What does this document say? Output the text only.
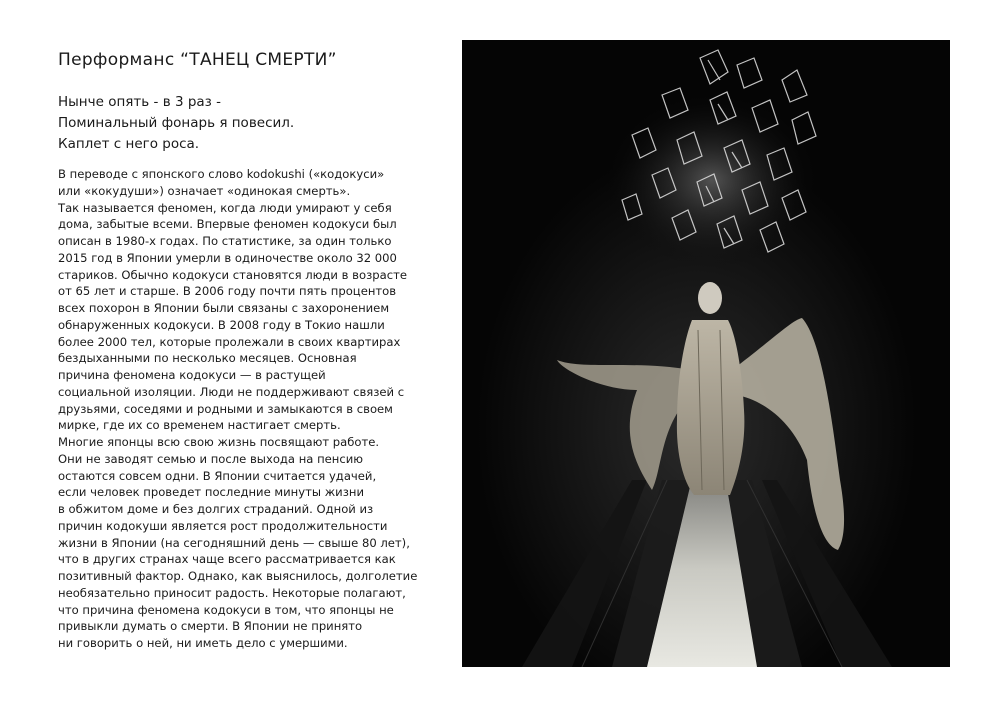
Перформанс “ТАНЕЦ СМЕРТИ”
Нынче опять - в 3 раз -
Поминальный фонарь я повесил.
Каплет с него роса.
В переводе с японского слово kodokushi («кодокуси»
или «кокудуши») означает «одинокая смерть».
Так называется феномен, когда люди умирают у себя
дома, забытые всеми. Впервые феномен кодокуси был
описан в 1980-х годах. По статистике, за один только
2015 год в Японии умерли в одиночестве около 32 000
стариков. Обычно кодокуси становятся люди в возрасте
от 65 лет и старше. В 2006 году почти пять процентов
всех похорон в Японии были связаны с захоронением
обнаруженных кодокуси. В 2008 году в Токио нашли
более 2000 тел, которые пролежали в своих квартирах
бездыханными по несколько месяцев. Основная
причина феномена кодокуси — в растущей
социальной изоляции. Люди не поддерживают связей с
друзьями, соседями и родными и замыкаются в своем
мирке, где их со временем настигает смерть.
Многие японцы всю свою жизнь посвящают работе.
Они не заводят семью и после выхода на пенсию
остаются совсем одни. В Японии считается удачей,
если человек проведет последние минуты жизни
в обжитом доме и без долгих страданий. Одной из
причин кодокуши является рост продолжительности
жизни в Японии (на сегодняшний день — свыше 80 лет),
что в других странах чаще всего рассматривается как
позитивный фактор. Однако, как выяснилось, долголетие
необязательно приносит радость. Некоторые полагают,
что причина феномена кодокуси в том, что японцы не
привыкли думать о смерти. В Японии не принято
ни говорить о ней, ни иметь дело с умершими.
